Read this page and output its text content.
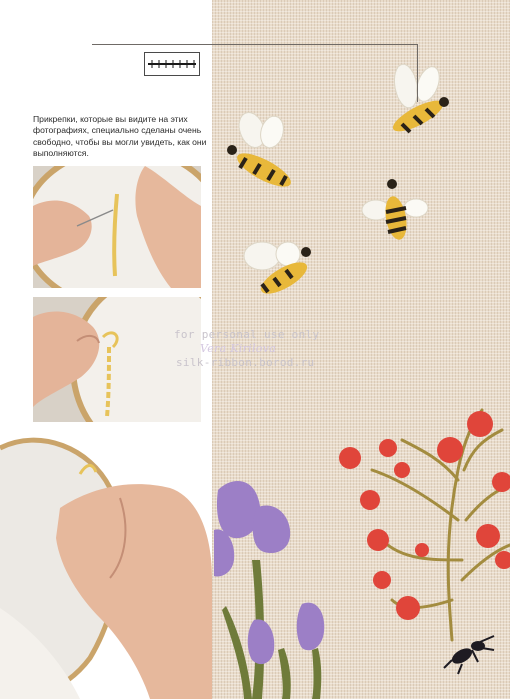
Прикрепки, которые вы видите на этих фотографиях, специально сделаны очень свободно, чтобы вы могли увидеть, как они выполняются.

for personal use only
Vera Kirilova
silk-ribbon.borod.ru
